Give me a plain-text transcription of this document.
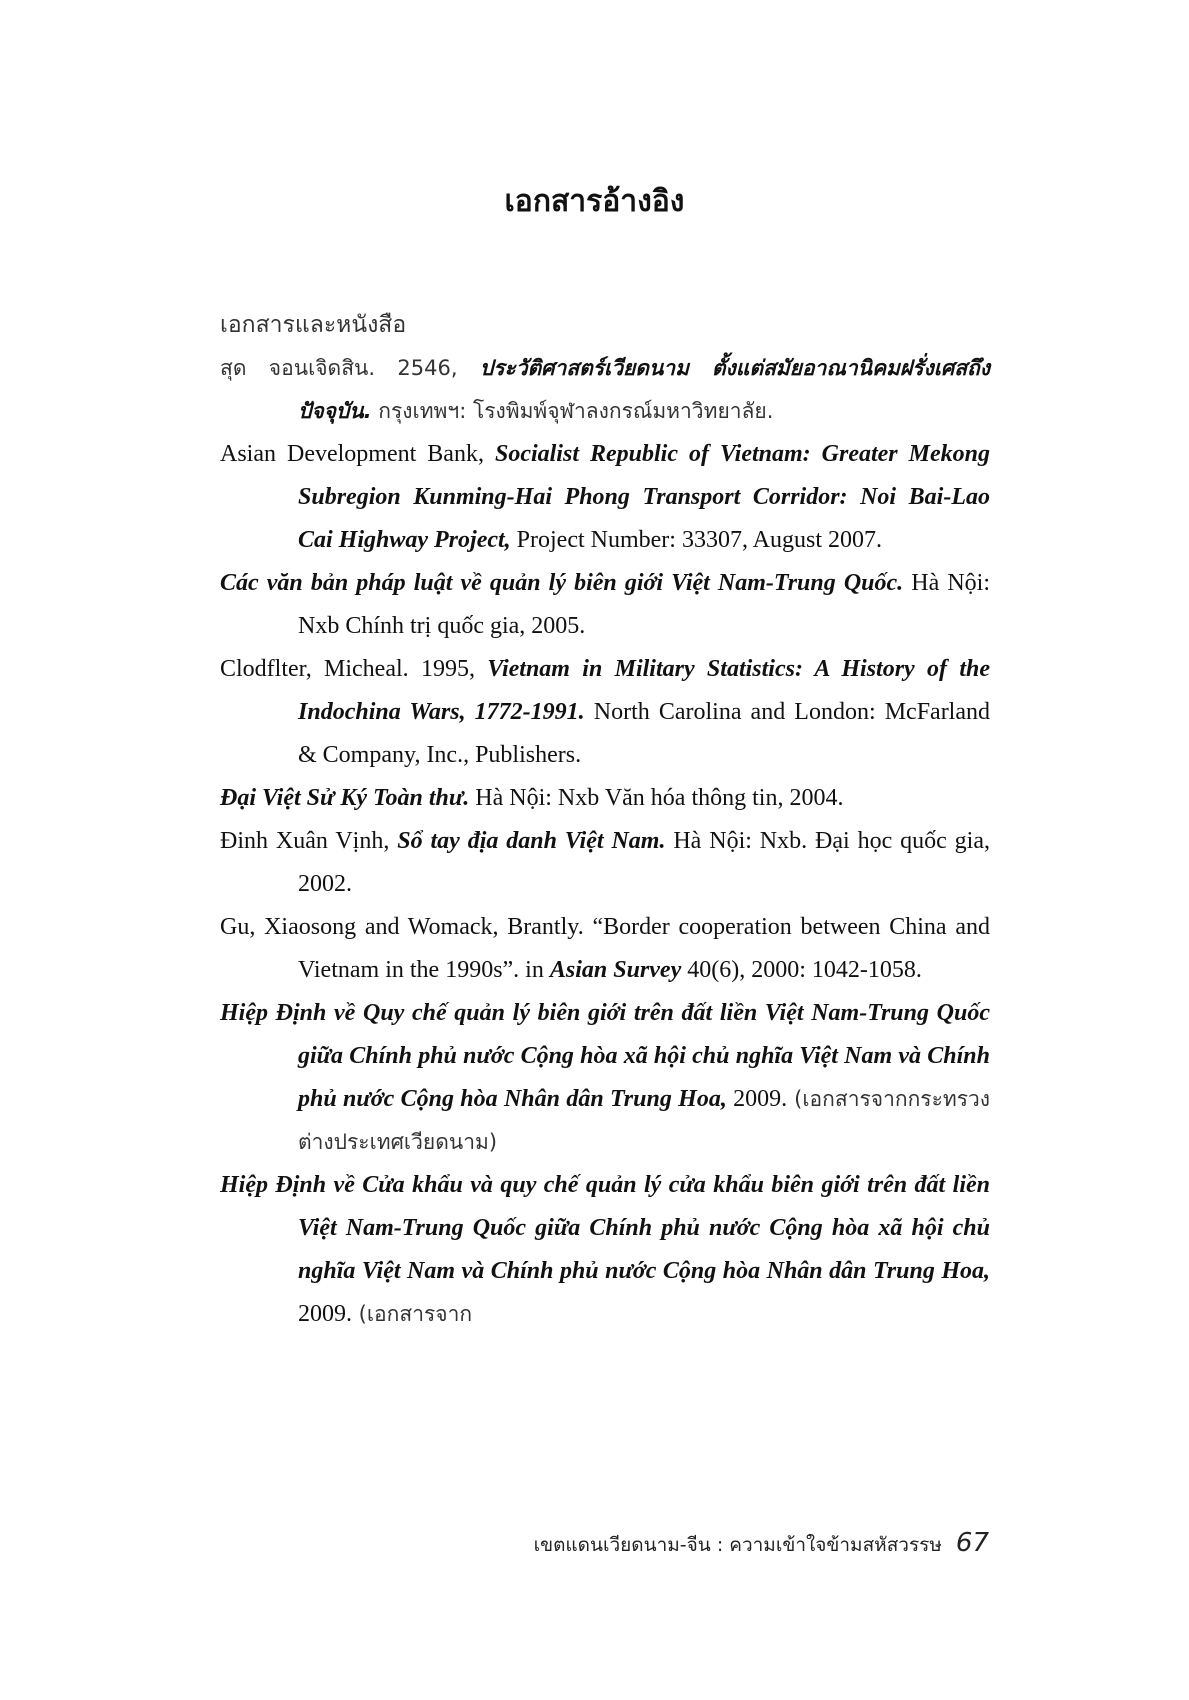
เอกสารอ้างอิง
เอกสารและหนังสือ
สุด จอนเจิดสิน. 2546, ประวัติศาสตร์เวียดนาม ตั้งแต่สมัยอาณานิคมฝรั่งเศสถึงปัจจุบัน. กรุงเทพฯ: โรงพิมพ์จุฬาลงกรณ์มหาวิทยาลัย.
Asian Development Bank, Socialist Republic of Vietnam: Greater Mekong Subregion Kunming-Hai Phong Transport Corridor: Noi Bai-Lao Cai Highway Project, Project Number: 33307, August 2007.
Các văn bản pháp luật về quản lý biên giới Việt Nam-Trung Quốc. Hà Nội: Nxb Chính trị quốc gia, 2005.
Clodflter, Micheal. 1995, Vietnam in Military Statistics: A History of the Indochina Wars, 1772-1991. North Carolina and London: McFarland & Company, Inc., Publishers.
Đại Việt Sử Ký Toàn thư. Hà Nội: Nxb Văn hóa thông tin, 2004.
Đinh Xuân Vịnh, Sổ tay địa danh Việt Nam. Hà Nội: Nxb. Đại học quốc gia, 2002.
Gu, Xiaosong and Womack, Brantly. “Border cooperation between China and Vietnam in the 1990s”. in Asian Survey 40(6), 2000: 1042-1058.
Hiệp Định về Quy chế quản lý biên giới trên đất liền Việt Nam-Trung Quốc giữa Chính phủ nước Cộng hòa xã hội chủ nghĩa Việt Nam và Chính phủ nước Cộng hòa Nhân dân Trung Hoa, 2009. (เอกสารจากกระทรวงต่างประเทศเวียดนาม)
Hiệp Định về Cửa khẩu và quy chế quản lý cửa khẩu biên giới trên đất liền Việt Nam-Trung Quốc giữa Chính phủ nước Cộng hòa xã hội chủ nghĩa Việt Nam và Chính phủ nước Cộng hòa Nhân dân Trung Hoa, 2009. (เอกสารจาก
เขตแดนเวียดนาม-จีน : ความเข้าใจข้ามสหัสวรรษ 67
